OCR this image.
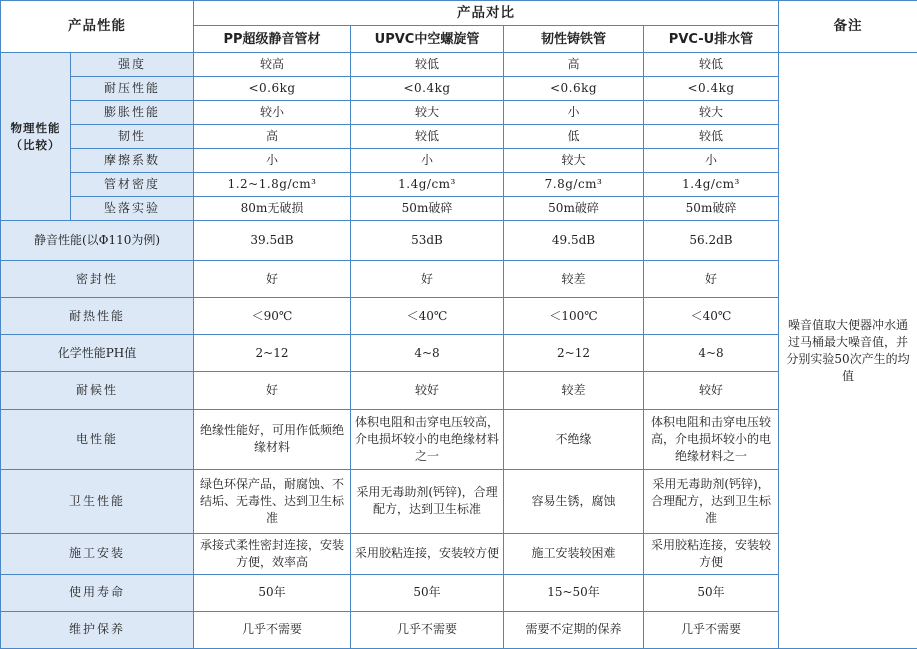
产品性能		产品对比				备注
		PP超级静音管材	UPVC中空螺旋管	韧性铸铁管	PVC-U排水管	

物理性能
（比较）	强度	较高	较低	高	较低	噪音值取大便器冲水通过马桶最大噪音值，并分别实验50次产生的均值
	耐压性能	<0.6kg	<0.4kg	<0.6kg	<0.4kg	
	膨胀性能	较小	较大	小	较大	
	韧性	高	较低	低	较低	
	摩擦系数	小	小	较大	小	
	管材密度	1.2~1.8g/cm³	1.4g/cm³	7.8g/cm³	1.4g/cm³	
	坠落实验	80m无破损	50m破碎	50m破碎	50m破碎	
静音性能(以Φ110为例)		39.5dB	53dB	49.5dB	56.2dB	
密封性		好	好	较差	好	
耐热性能		＜90℃	＜40℃	＜100℃	＜40℃	
化学性能PH值		2~12	4~8	2~12	4~8	
耐候性		好	较好	较差	较好	
电性能		绝缘性能好，可用作低频绝缘材料	体积电阻和击穿电压较高，介电损坏较小的电绝缘材料之一	不绝缘	体积电阻和击穿电压较高，介电损坏较小的电绝缘材料之一	
卫生性能		绿色环保产品，耐腐蚀、不结垢、无毒性、达到卫生标准	采用无毒助剂(钙锌)，合理配方，达到卫生标准	容易生锈，腐蚀	采用无毒助剂(钙锌)，合理配方，达到卫生标准	
施工安装		承接式柔性密封连接，安装方便，效率高	采用胶粘连接，安装较方便	施工安装较困难	采用胶粘连接，安装较方便	
使用寿命		50年	50年	15~50年	50年	
维护保养		几乎不需要	几乎不需要	需要不定期的保养	几乎不需要	
